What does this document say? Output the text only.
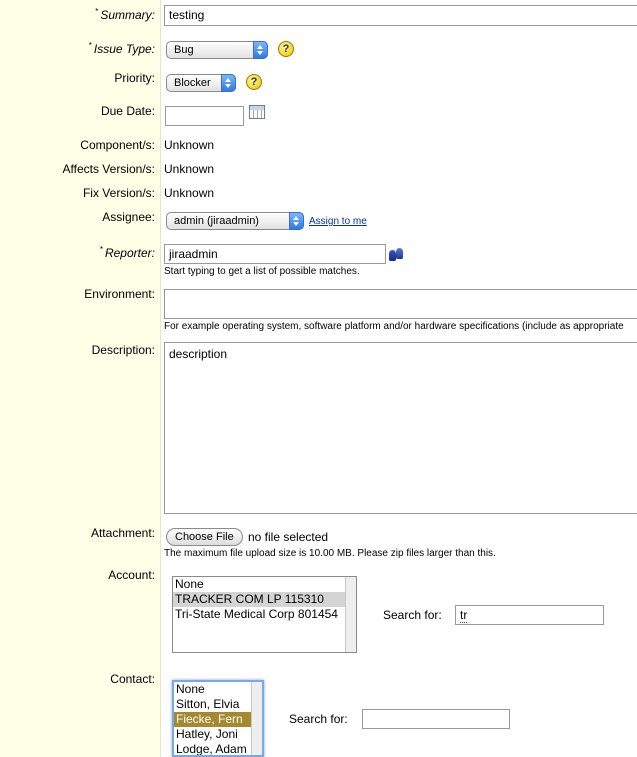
* Summary:	testing
* Issue Type:	Bug	?
Priority:	Blocker	?
Due Date:
Component/s: Unknown
Affects Version/s: Unknown
Fix Version/s: Unknown
Assignee:	admin (jiraadmin)	Assign to me
* Reporter:	jiraadmin
Start typing to get a list of possible matches.
Environment:
For example operating system, software platform and/or hardware specifications (include as appropriate
Description:	description
Attachment:	Choose File	no file selected
The maximum file upload size is 10.00 MB. Please zip files larger than this.
Account:
None
TRACKER COM LP 115310
Tri-State Medical Corp 801454	Search for:	tr
Contact:
None
Sitton, Elvia
Fiecke, Fern
Hatley, Joni
Lodge, Adam
Search for:
